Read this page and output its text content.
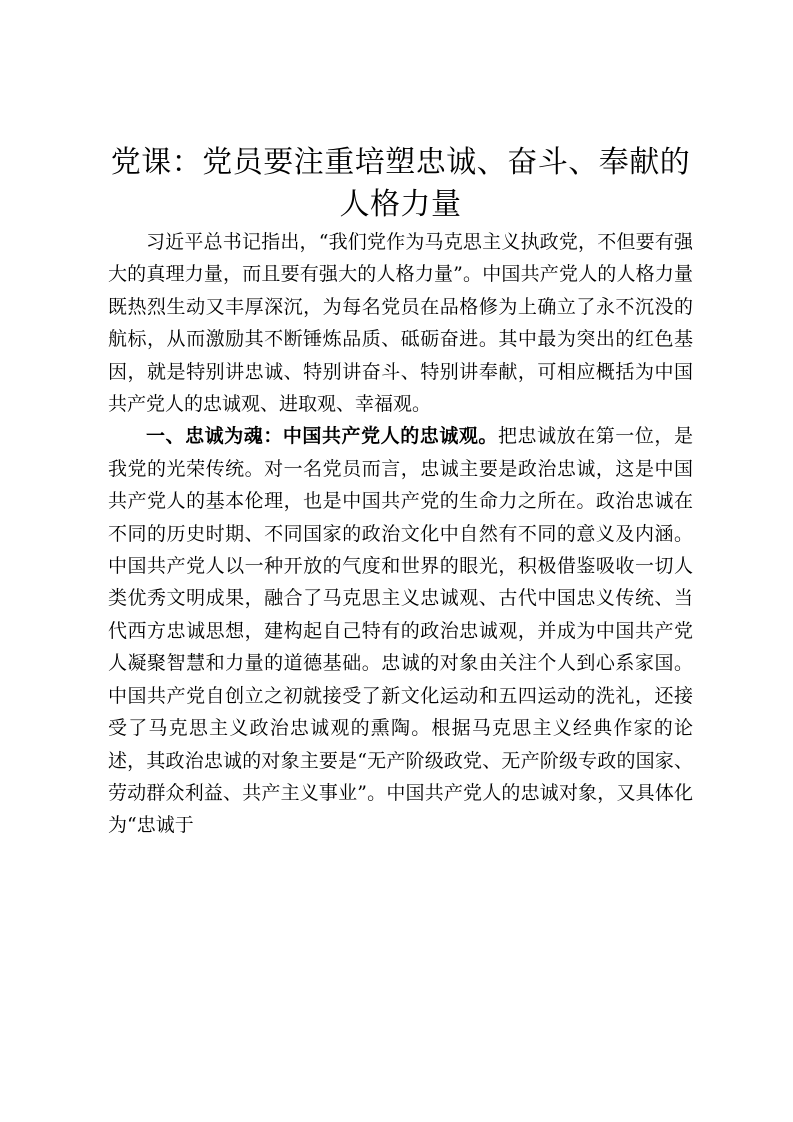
党课：党员要注重培塑忠诚、奋斗、奉献的人格力量

习近平总书记指出，“我们党作为马克思主义执政党，不但要有强大的真理力量，而且要有强大的人格力量”。中国共产党人的人格力量既热烈生动又丰厚深沉，为每名党员在品格修为上确立了永不沉没的航标，从而激励其不断锤炼品质、砥砺奋进。其中最为突出的红色基因，就是特别讲忠诚、特别讲奋斗、特别讲奉献，可相应概括为中国共产党人的忠诚观、进取观、幸福观。

一、忠诚为魂：中国共产党人的忠诚观。把忠诚放在第一位，是我党的光荣传统。对一名党员而言，忠诚主要是政治忠诚，这是中国共产党人的基本伦理，也是中国共产党的生命力之所在。政治忠诚在不同的历史时期、不同国家的政治文化中自然有不同的意义及内涵。中国共产党人以一种开放的气度和世界的眼光，积极借鉴吸收一切人类优秀文明成果，融合了马克思主义忠诚观、古代中国忠义传统、当代西方忠诚思想，建构起自己特有的政治忠诚观，并成为中国共产党人凝聚智慧和力量的道德基础。忠诚的对象由关注个人到心系家国。中国共产党自创立之初就接受了新文化运动和五四运动的洗礼，还接受了马克思主义政治忠诚观的熏陶。根据马克思主义经典作家的论述，其政治忠诚的对象主要是“无产阶级政党、无产阶级专政的国家、劳动群众利益、共产主义事业”。中国共产党人的忠诚对象，又具体化为“忠诚于
